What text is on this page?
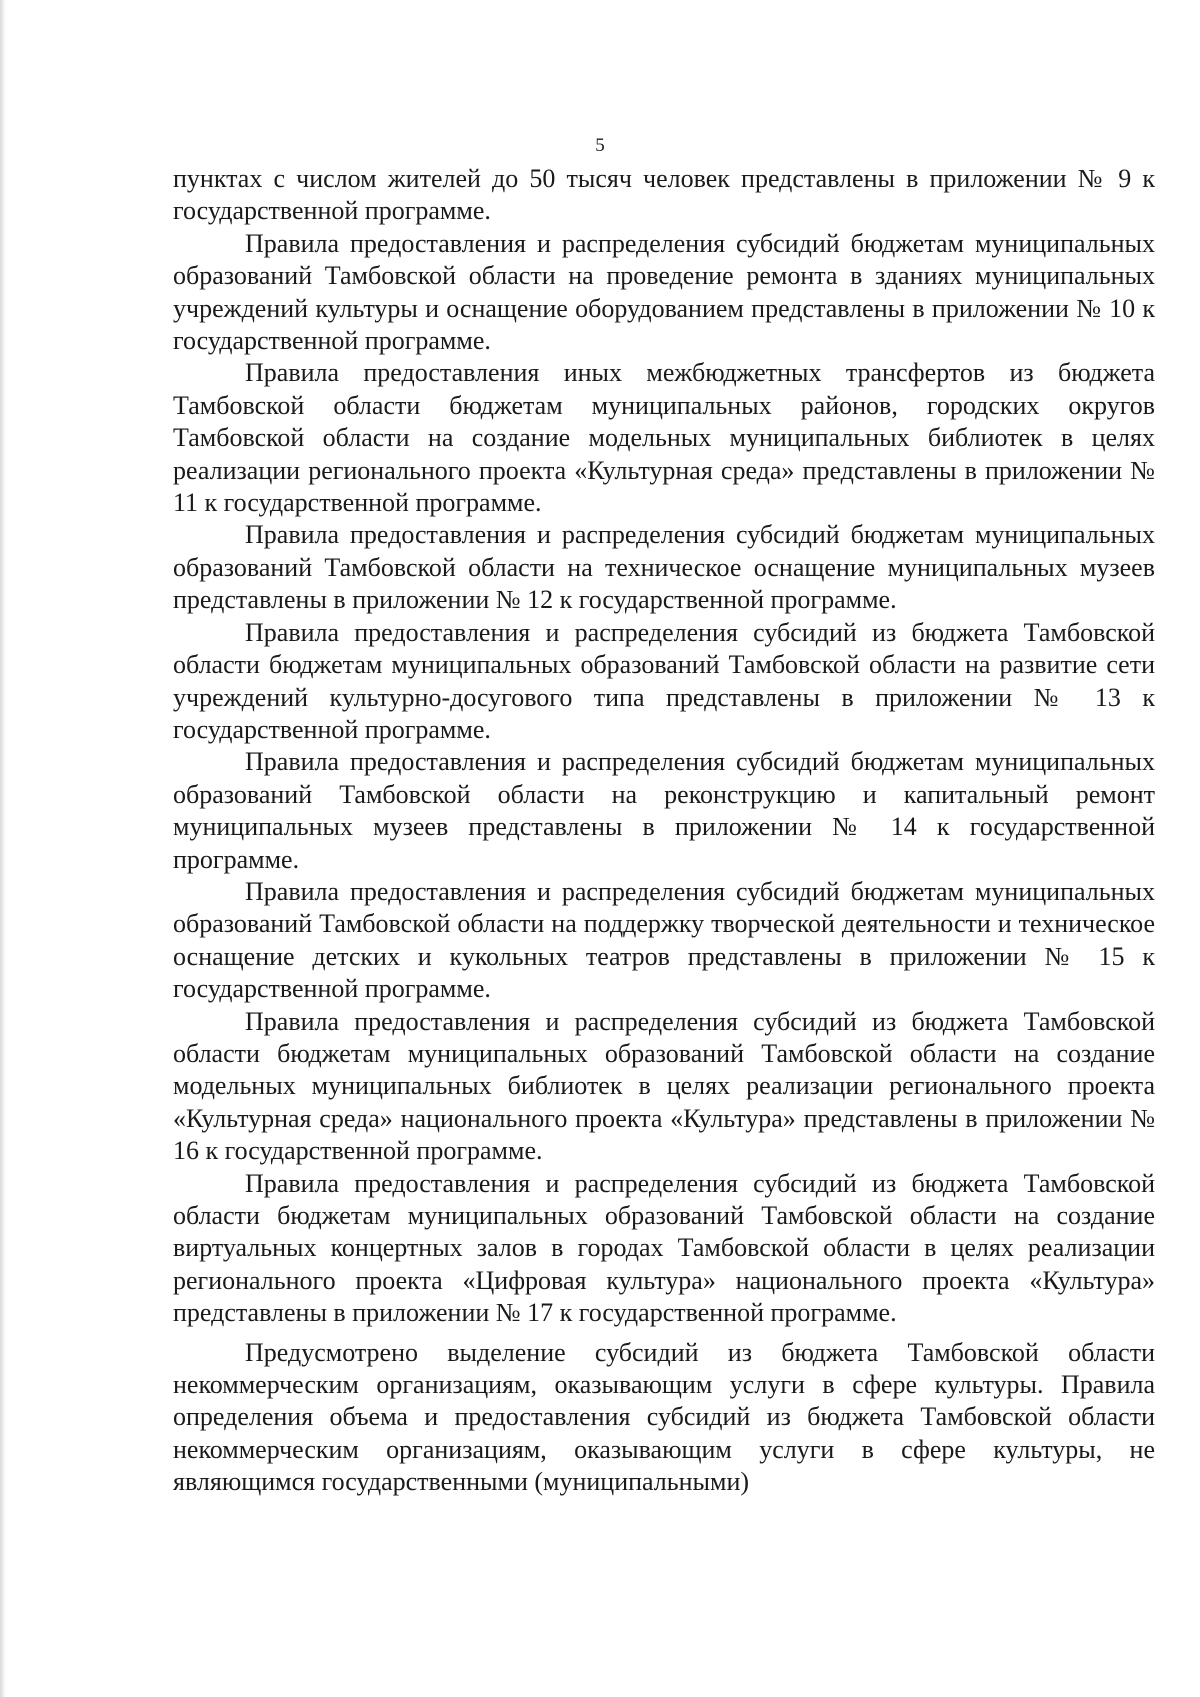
5

пунктах с числом жителей до 50 тысяч человек представлены в приложении № 9 к государственной программе.

Правила предоставления и распределения субсидий бюджетам муниципальных образований Тамбовской области на проведение ремонта в зданиях муниципальных учреждений культуры и оснащение оборудованием представлены в приложении № 10 к государственной программе.

Правила предоставления иных межбюджетных трансфертов из бюджета Тамбовской области бюджетам муниципальных районов, городских округов Тамбовской области на создание модельных муниципальных библиотек в целях реализации регионального проекта «Культурная среда» представлены в приложении № 11 к государственной программе.

Правила предоставления и распределения субсидий бюджетам муниципальных образований Тамбовской области на техническое оснащение муниципальных музеев представлены в приложении № 12 к государственной программе.

Правила предоставления и распределения субсидий из бюджета Тамбовской области бюджетам муниципальных образований Тамбовской области на развитие сети учреждений культурно-досугового типа представлены в приложении № 13 к государственной программе.

Правила предоставления и распределения субсидий бюджетам муниципальных образований Тамбовской области на реконструкцию и капитальный ремонт муниципальных музеев представлены в приложении № 14 к государственной программе.

Правила предоставления и распределения субсидий бюджетам муниципальных образований Тамбовской области на поддержку творческой деятельности и техническое оснащение детских и кукольных театров представлены в приложении № 15 к государственной программе.

Правила предоставления и распределения субсидий из бюджета Тамбовской области бюджетам муниципальных образований Тамбовской области на создание модельных муниципальных библиотек в целях реализации регионального проекта «Культурная среда» национального проекта «Культура» представлены в приложении № 16 к государственной программе.

Правила предоставления и распределения субсидий из бюджета Тамбовской области бюджетам муниципальных образований Тамбовской области на создание виртуальных концертных залов в городах Тамбовской области в целях реализации регионального проекта «Цифровая культура» национального проекта «Культура» представлены в приложении № 17 к государственной программе.

Предусмотрено выделение субсидий из бюджета Тамбовской области некоммерческим организациям, оказывающим услуги в сфере культуры. Правила определения объема и предоставления субсидий из бюджета Тамбовской области некоммерческим организациям, оказывающим услуги в сфере культуры, не являющимся государственными (муниципальными)
